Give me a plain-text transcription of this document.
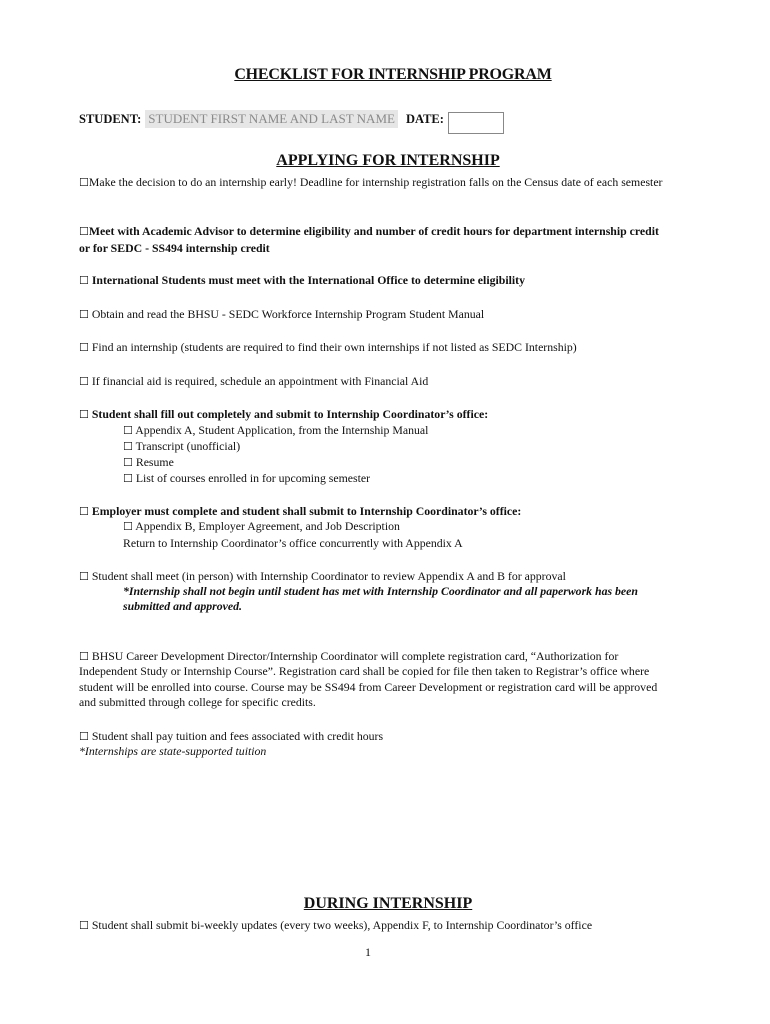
CHECKLIST FOR INTERNSHIP PROGRAM
STUDENT: STUDENT FIRST NAME AND LAST NAME DATE:
APPLYING FOR INTERNSHIP
☐Make the decision to do an internship early! Deadline for internship registration falls on the Census date of each semester
☐Meet with Academic Advisor to determine eligibility and number of credit hours for department internship credit or for SEDC - SS494 internship credit
☐ International Students must meet with the International Office to determine eligibility
☐ Obtain and read the BHSU - SEDC Workforce Internship Program Student Manual
☐ Find an internship (students are required to find their own internships if not listed as SEDC Internship)
☐ If financial aid is required, schedule an appointment with Financial Aid
☐ Student shall fill out completely and submit to Internship Coordinator’s office:
☐ Appendix A, Student Application, from the Internship Manual
☐ Transcript (unofficial)
☐ Resume
☐ List of courses enrolled in for upcoming semester
☐ Employer must complete and student shall submit to Internship Coordinator’s office:
☐ Appendix B, Employer Agreement, and Job Description
Return to Internship Coordinator’s office concurrently with Appendix A
☐ Student shall meet (in person) with Internship Coordinator to review Appendix A and B for approval
*Internship shall not begin until student has met with Internship Coordinator and all paperwork has been submitted and approved.
☐ BHSU Career Development Director/Internship Coordinator will complete registration card, “Authorization for Independent Study or Internship Course”. Registration card shall be copied for file then taken to Registrar’s office where student will be enrolled into course. Course may be SS494 from Career Development or registration card will be approved and submitted through college for specific credits.
☐ Student shall pay tuition and fees associated with credit hours
*Internships are state-supported tuition
DURING INTERNSHIP
☐ Student shall submit bi-weekly updates (every two weeks), Appendix F, to Internship Coordinator’s office
1
